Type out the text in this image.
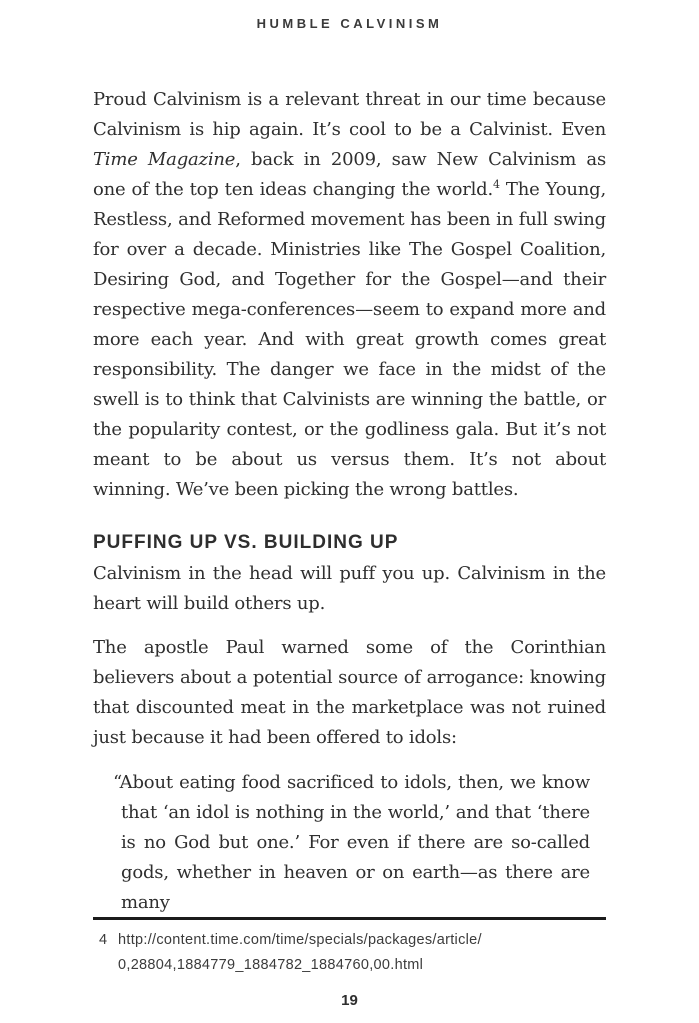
HUMBLE CALVINISM

Proud Calvinism is a relevant threat in our time because Calvinism is hip again. It’s cool to be a Calvinist. Even Time Magazine, back in 2009, saw New Calvinism as one of the top ten ideas changing the world.$^4$ The Young, Restless, and Reformed movement has been in full swing for over a decade. Ministries like The Gospel Coalition, Desiring God, and Together for the Gospel—and their respective mega-conferences—seem to expand more and more each year. And with great growth comes great responsibility. The danger we face in the midst of the swell is to think that Calvinists are winning the battle, or the popularity contest, or the godliness gala. But it’s not meant to be about us versus them. It’s not about winning. We’ve been picking the wrong battles.

PUFFING UP VS. BUILDING UP

Calvinism in the head will puff you up. Calvinism in the heart will build others up.

The apostle Paul warned some of the Corinthian believers about a potential source of arrogance: knowing that discounted meat in the marketplace was not ruined just because it had been offered to idols:

“About eating food sacrificed to idols, then, we know that ‘an idol is nothing in the world,’ and that ‘there is no God but one.’ For even if there are so-called gods, whether in heaven or on earth—as there are many

4 http://content.time.com/time/specials/packages/article/
0,28804,1884779_1884782_1884760,00.html
19
